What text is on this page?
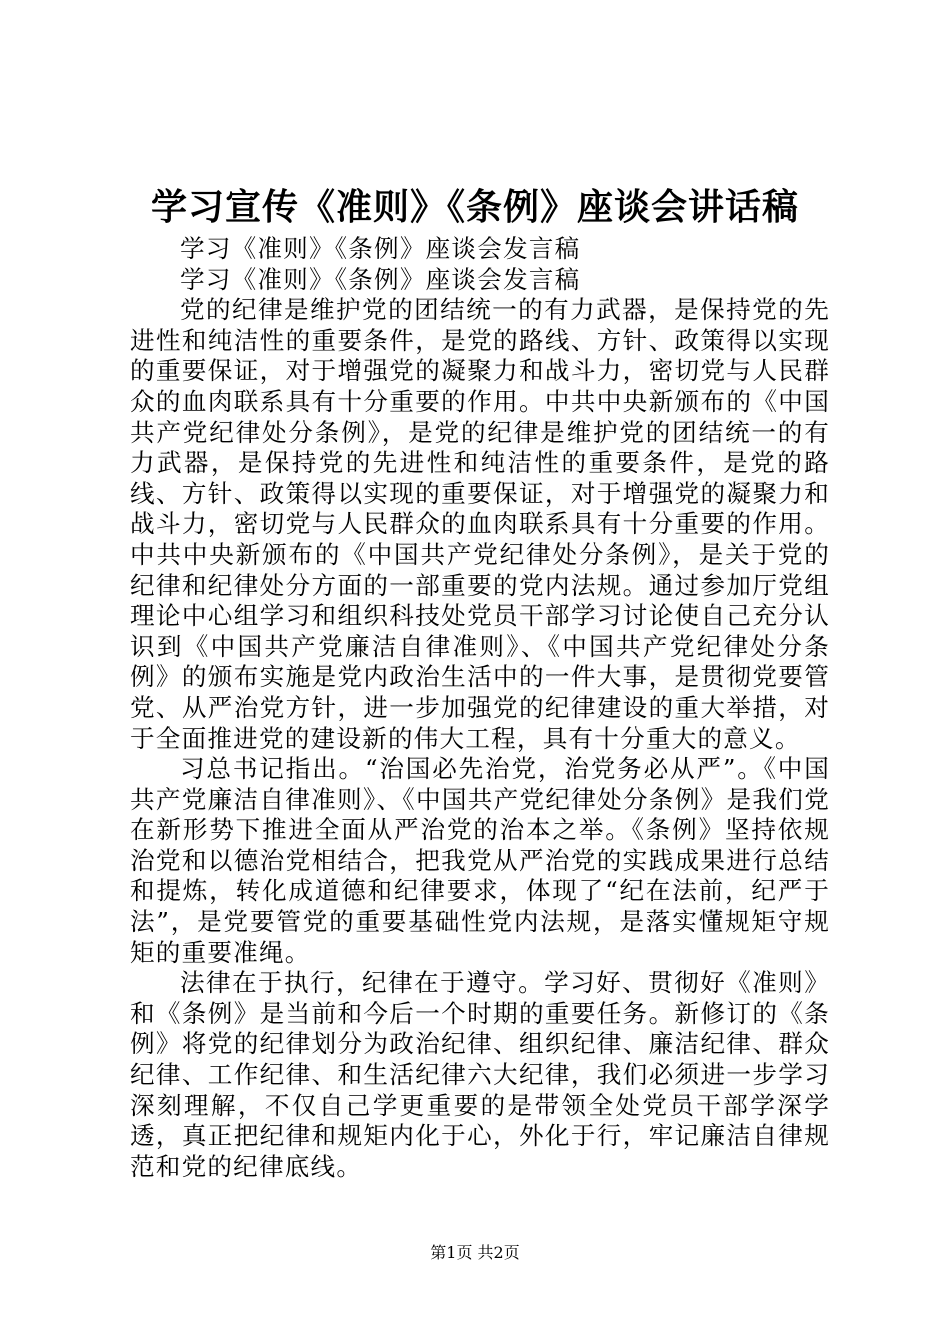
学习宣传《准则》《条例》座谈会讲话稿

学习《准则》《条例》座谈会发言稿

学习《准则》《条例》座谈会发言稿

党的纪律是维护党的团结统一的有力武器，是保持党的先进性和纯洁性的重要条件，是党的路线、方针、政策得以实现的重要保证，对于增强党的凝聚力和战斗力，密切党与人民群众的血肉联系具有十分重要的作用。中共中央新颁布的《中国共产党纪律处分条例》，是党的纪律是维护党的团结统一的有力武器，是保持党的先进性和纯洁性的重要条件，是党的路线、方针、政策得以实现的重要保证，对于增强党的凝聚力和战斗力，密切党与人民群众的血肉联系具有十分重要的作用。中共中央新颁布的《中国共产党纪律处分条例》，是关于党的纪律和纪律处分方面的一部重要的党内法规。通过参加厅党组理论中心组学习和组织科技处党员干部学习讨论使自己充分认识到《中国共产党廉洁自律准则》、《中国共产党纪律处分条例》的颁布实施是党内政治生活中的一件大事，是贯彻党要管党、从严治党方针，进一步加强党的纪律建设的重大举措，对于全面推进党的建设新的伟大工程，具有十分重大的意义。

习总书记指出。“治国必先治党，治党务必从严”。《中国共产党廉洁自律准则》、《中国共产党纪律处分条例》是我们党在新形势下推进全面从严治党的治本之举。《条例》坚持依规治党和以德治党相结合，把我党从严治党的实践成果进行总结和提炼，转化成道德和纪律要求，体现了“纪在法前，纪严于法”，是党要管党的重要基础性党内法规，是落实懂规矩守规矩的重要准绳。

法律在于执行，纪律在于遵守。学习好、贯彻好《准则》和《条例》是当前和今后一个时期的重要任务。新修订的《条例》将党的纪律划分为政治纪律、组织纪律、廉洁纪律、群众纪律、工作纪律、和生活纪律六大纪律，我们必须进一步学习深刻理解，不仅自己学更重要的是带领全处党员干部学深学透，真正把纪律和规矩内化于心，外化于行，牢记廉洁自律规范和党的纪律底线。

第1页 共2页
